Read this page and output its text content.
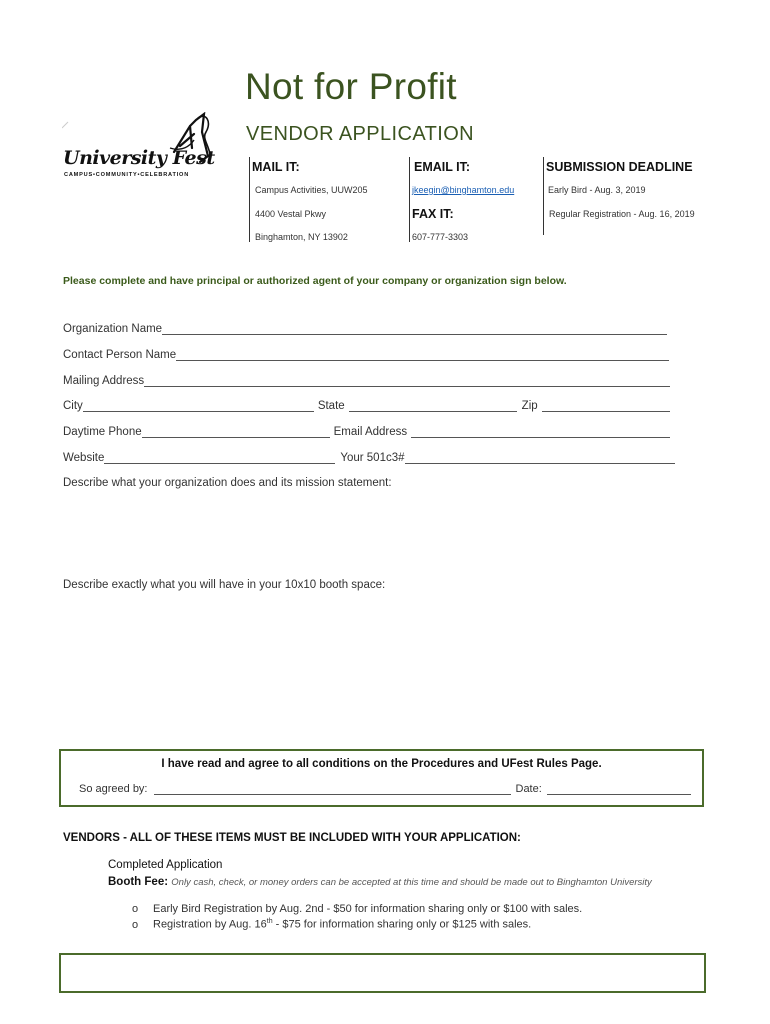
Not for Profit
VENDOR APPLICATION
University Fest
CAMPUS•COMMUNITY•CELEBRATION
MAIL IT:
Campus Activities, UUW205
4400 Vestal Pkwy
Binghamton, NY 13902
EMAIL IT:
jkeegin@binghamton.edu
FAX IT:
607-777-3303
SUBMISSION DEADLINE
Early Bird - Aug. 3, 2019
Regular Registration - Aug. 16, 2019
Please complete and have principal or authorized agent of your company or organization sign below.
Organization Name
Contact Person Name
Mailing Address
City	State	Zip
Daytime Phone	Email Address
Website	Your 501c3#
Describe what your organization does and its mission statement:
Describe exactly what you will have in your 10x10 booth space:
I have read and agree to all conditions on the Procedures and UFest Rules Page.
So agreed by:	Date:
VENDORS - ALL OF THESE ITEMS MUST BE INCLUDED WITH YOUR APPLICATION:
Completed Application
Booth Fee: Only cash, check, or money orders can be accepted at this time and should be made out to Binghamton University
o Early Bird Registration by Aug. 2nd - $50 for information sharing only or $100 with sales.
o Registration by Aug. 16th - $75 for information sharing only or $125 with sales.
